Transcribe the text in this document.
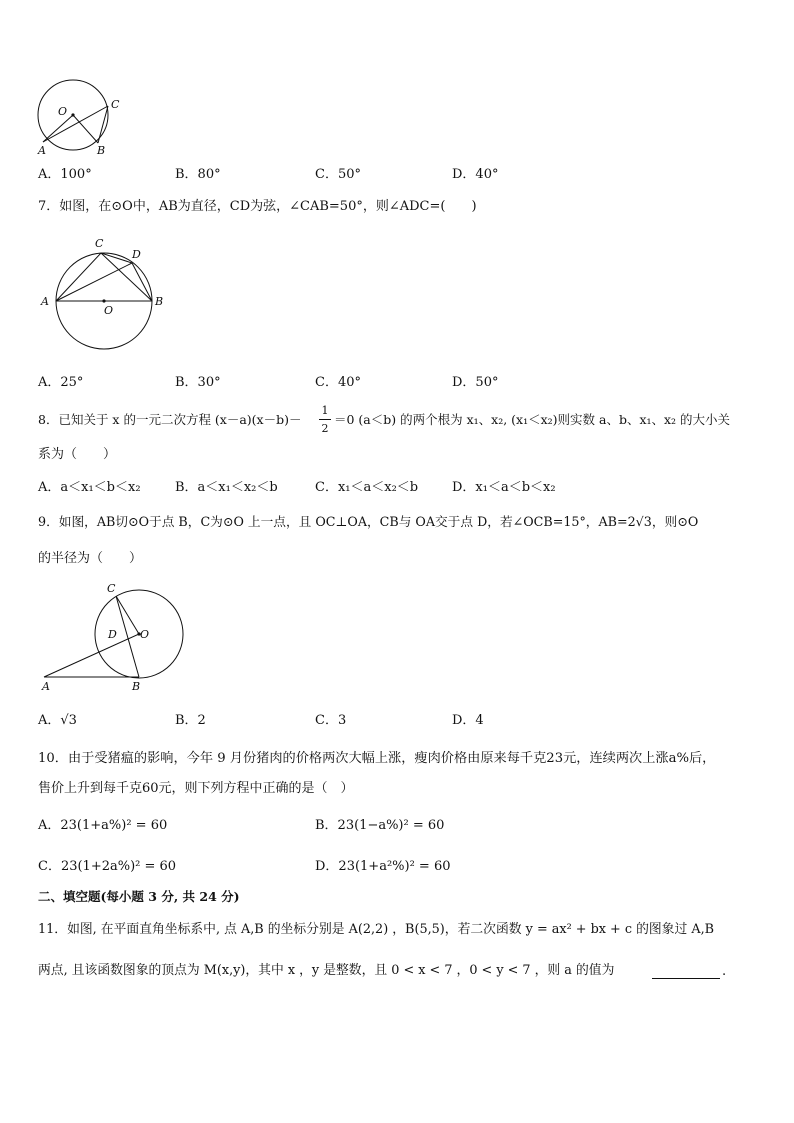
O
C
A	B
A．100°	B．80°	C．50°	D．40°
7．如图，在⊙O中，AB为直径，CD为弦，∠CAB=50°，则∠ADC=(　　)
C
D
A	B
O
A．25°	B．30°	C．40°	D．50°
8．已知关于 x 的一元二次方程 (x－a)(x－b)－
1
2
＝0 (a＜b) 的两个根为 x₁、x₂, (x₁＜x₂)则实数 a、b、x₁、x₂ 的大小关
系为（　　）
A．a＜x₁＜b＜x₂	B．a＜x₁＜x₂＜b	C．x₁＜a＜x₂＜b	D．x₁＜a＜b＜x₂
9．如图，AB切⊙O于点 B，C为⊙O 上一点，且 OC⊥OA，CB与 OA交于点 D，若∠OCB=15°，AB=2√3，则⊙O
的半径为（　　）
C
D O
A	B
A．√3	B．2	C．3	D．4
10．由于受猪瘟的影响，今年 9 月份猪肉的价格两次大幅上涨，瘦肉价格由原来每千克23元，连续两次上涨a%后，
售价上升到每千克60元，则下列方程中正确的是（　）
A．23(1+a%)² = 60	B．23(1−a%)² = 60
C．23(1+2a%)² = 60	D．23(1+a²%)² = 60
二、填空题(每小题 3 分, 共 24 分)
11．如图, 在平面直角坐标系中, 点 A,B 的坐标分别是 A(2,2) ，B(5,5)，若二次函数 y = ax² + bx + c 的图象过 A,B
两点, 且该函数图象的顶点为 M(x,y)，其中 x ，y 是整数，且 0 < x < 7 ，0 < y < 7 ，则 a 的值为	.
